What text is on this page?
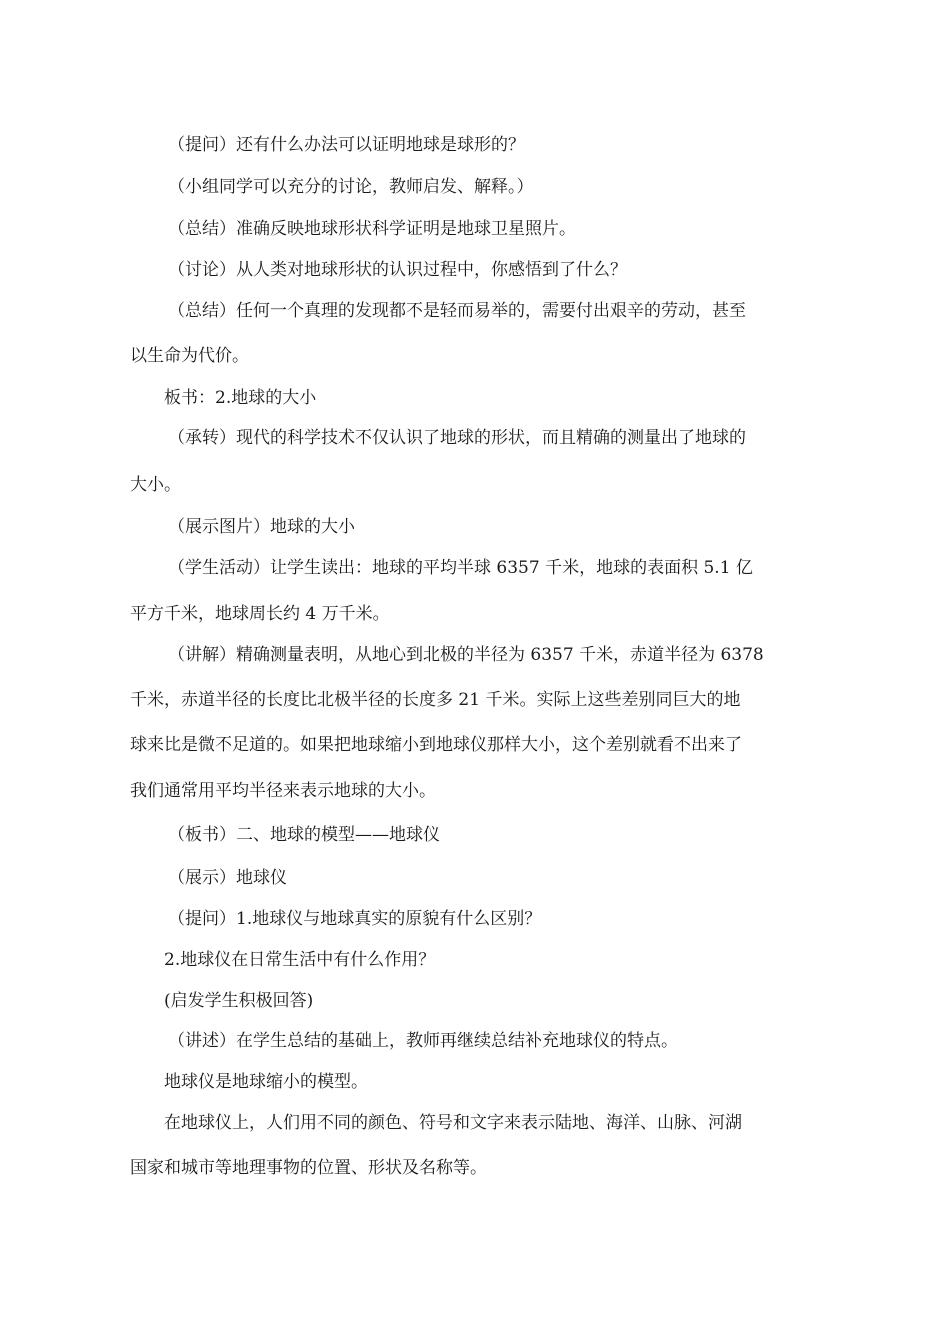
（提问）还有什么办法可以证明地球是球形的？
（小组同学可以充分的讨论，教师启发、解释。）
（总结）准确反映地球形状科学证明是地球卫星照片。
（讨论）从人类对地球形状的认识过程中，你感悟到了什么？
（总结）任何一个真理的发现都不是轻而易举的，需要付出艰辛的劳动，甚至
以生命为代价。
板书：2.地球的大小
（承转）现代的科学技术不仅认识了地球的形状，而且精确的测量出了地球的
大小。
（展示图片）地球的大小
（学生活动）让学生读出：地球的平均半球 6357 千米，地球的表面积 5.1 亿
平方千米，地球周长约 4 万千米。
（讲解）精确测量表明，从地心到北极的半径为 6357 千米，赤道半径为 6378
千米，赤道半径的长度比北极半径的长度多 21 千米。实际上这些差别同巨大的地
球来比是微不足道的。如果把地球缩小到地球仪那样大小，这个差别就看不出来了
我们通常用平均半径来表示地球的大小。
（板书）二、地球的模型——地球仪
（展示）地球仪
（提问）1.地球仪与地球真实的原貌有什么区别？
2.地球仪在日常生活中有什么作用？
(启发学生积极回答)
（讲述）在学生总结的基础上，教师再继续总结补充地球仪的特点。
地球仪是地球缩小的模型。
在地球仪上，人们用不同的颜色、符号和文字来表示陆地、海洋、山脉、河湖
国家和城市等地理事物的位置、形状及名称等。
